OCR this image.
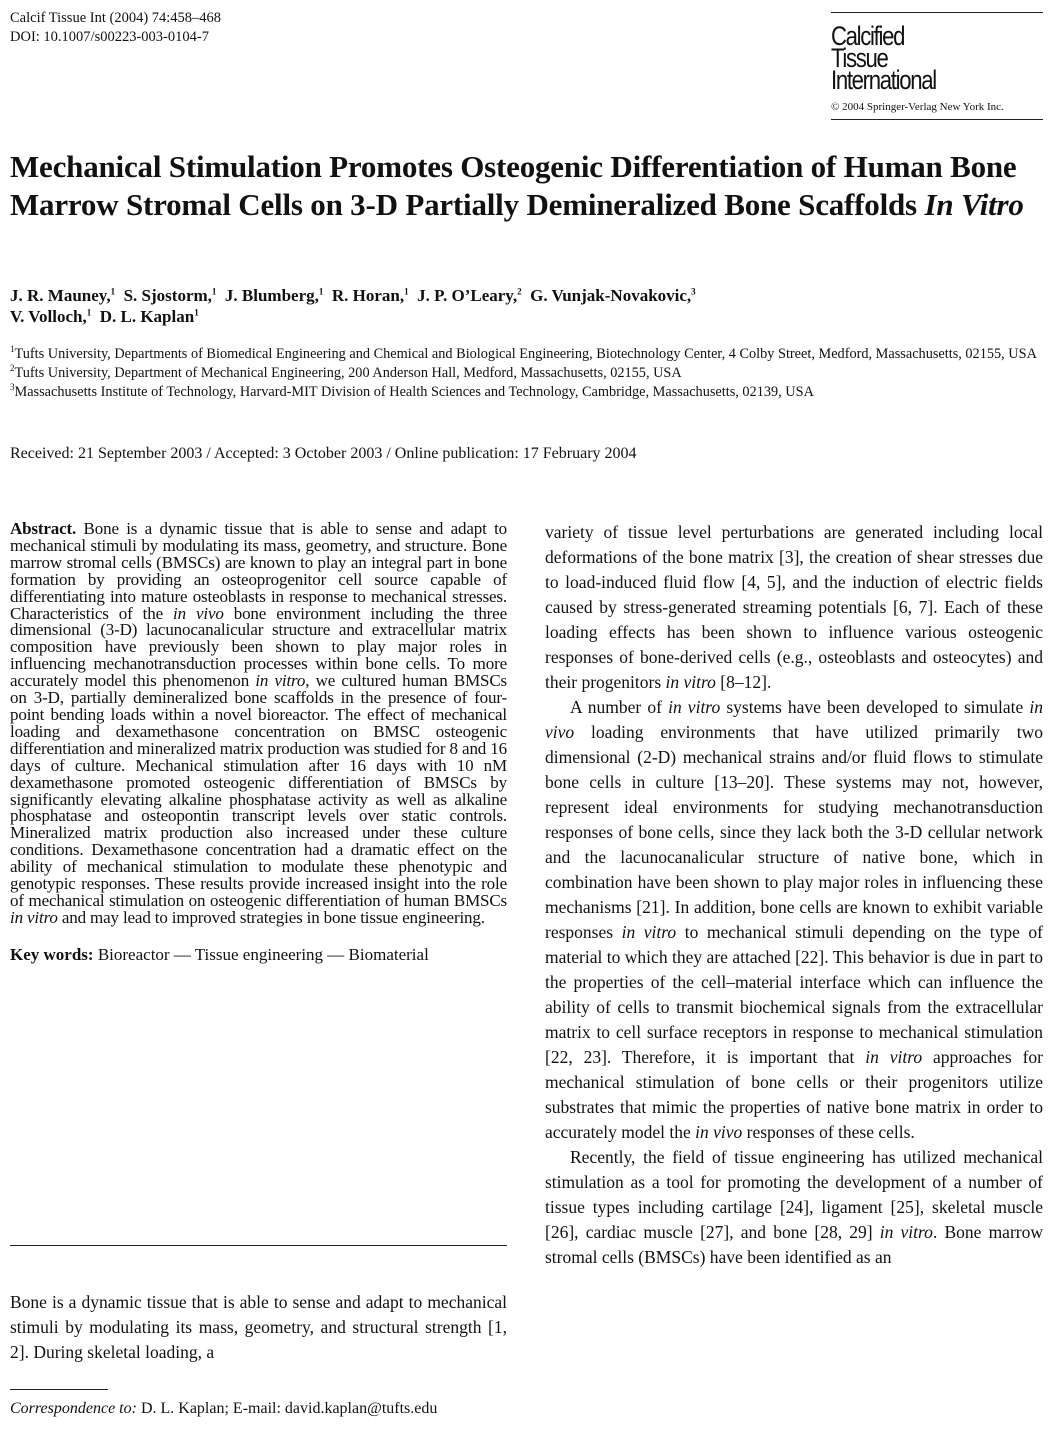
Calcif Tissue Int (2004) 74:458–468
DOI: 10.1007/s00223-003-0104-7	Calcified
Tissue
International
© 2004 Springer-Verlag New York Inc.
Mechanical Stimulation Promotes Osteogenic Differentiation of Human Bone Marrow Stromal Cells on 3-D Partially Demineralized Bone Scaffolds In Vitro
J. R. Mauney,$^1$ S. Sjostorm,$^1$ J. Blumberg,$^1$ R. Horan,$^1$ J. P. O’Leary,$^2$ G. Vunjak-Novakovic,$^3$
V. Volloch,$^1$ D. L. Kaplan$^1$
$^1$Tufts University, Departments of Biomedical Engineering and Chemical and Biological Engineering, Biotechnology Center, 4 Colby Street, Medford, Massachusetts, 02155, USA
$^2$Tufts University, Department of Mechanical Engineering, 200 Anderson Hall, Medford, Massachusetts, 02155, USA
$^3$Massachusetts Institute of Technology, Harvard-MIT Division of Health Sciences and Technology, Cambridge, Massachusetts, 02139, USA
Received: 21 September 2003 / Accepted: 3 October 2003 / Online publication: 17 February 2004

Abstract. Bone is a dynamic tissue that is able to sense and adapt to mechanical stimuli by modulating its mass, geometry, and structure. Bone marrow stromal cells (BMSCs) are known to play an integral part in bone formation by providing an osteoprogenitor cell source capable of differentiating into mature osteoblasts in response to mechanical stresses. Characteristics of the in vivo bone environment including the three dimensional (3-D) lacunocanalicular structure and extracellular matrix composition have previously been shown to play major roles in influencing mechanotransduction processes within bone cells. To more accurately model this phenomenon in vitro, we cultured human BMSCs on 3-D, partially demineralized bone scaffolds in the presence of four-point bending loads within a novel bioreactor. The effect of mechanical loading and dexamethasone concentration on BMSC osteogenic differentiation and mineralized matrix production was studied for 8 and 16 days of culture. Mechanical stimulation after 16 days with 10 nM dexamethasone promoted osteogenic differentiation of BMSCs by significantly elevating alkaline phosphatase activity as well as alkaline phosphatase and osteopontin transcript levels over static controls. Mineralized matrix production also increased under these culture conditions. Dexamethasone concentration had a dramatic effect on the ability of mechanical stimulation to modulate these phenotypic and genotypic responses. These results provide increased insight into the role of mechanical stimulation on osteogenic differentiation of human BMSCs in vitro and may lead to improved strategies in bone tissue engineering.

Key words: Bioreactor — Tissue engineering — Biomaterial

Bone is a dynamic tissue that is able to sense and adapt to mechanical stimuli by modulating its mass, geometry, and structural strength [1, 2]. During skeletal loading, a

Correspondence to: D. L. Kaplan; E-mail: david.kaplan@tufts.edu

variety of tissue level perturbations are generated including local deformations of the bone matrix [3], the creation of shear stresses due to load-induced fluid flow [4, 5], and the induction of electric fields caused by stress-generated streaming potentials [6, 7]. Each of these loading effects has been shown to influence various osteogenic responses of bone-derived cells (e.g., osteoblasts and osteocytes) and their progenitors in vitro [8–12].

A number of in vitro systems have been developed to simulate in vivo loading environments that have utilized primarily two dimensional (2-D) mechanical strains and/or fluid flows to stimulate bone cells in culture [13–20]. These systems may not, however, represent ideal environments for studying mechanotransduction responses of bone cells, since they lack both the 3-D cellular network and the lacunocanalicular structure of native bone, which in combination have been shown to play major roles in influencing these mechanisms [21]. In addition, bone cells are known to exhibit variable responses in vitro to mechanical stimuli depending on the type of material to which they are attached [22]. This behavior is due in part to the properties of the cell–material interface which can influence the ability of cells to transmit biochemical signals from the extracellular matrix to cell surface receptors in response to mechanical stimulation [22, 23]. Therefore, it is important that in vitro approaches for mechanical stimulation of bone cells or their progenitors utilize substrates that mimic the properties of native bone matrix in order to accurately model the in vivo responses of these cells.

Recently, the field of tissue engineering has utilized mechanical stimulation as a tool for promoting the development of a number of tissue types including cartilage [24], ligament [25], skeletal muscle [26], cardiac muscle [27], and bone [28, 29] in vitro. Bone marrow stromal cells (BMSCs) have been identified as an
